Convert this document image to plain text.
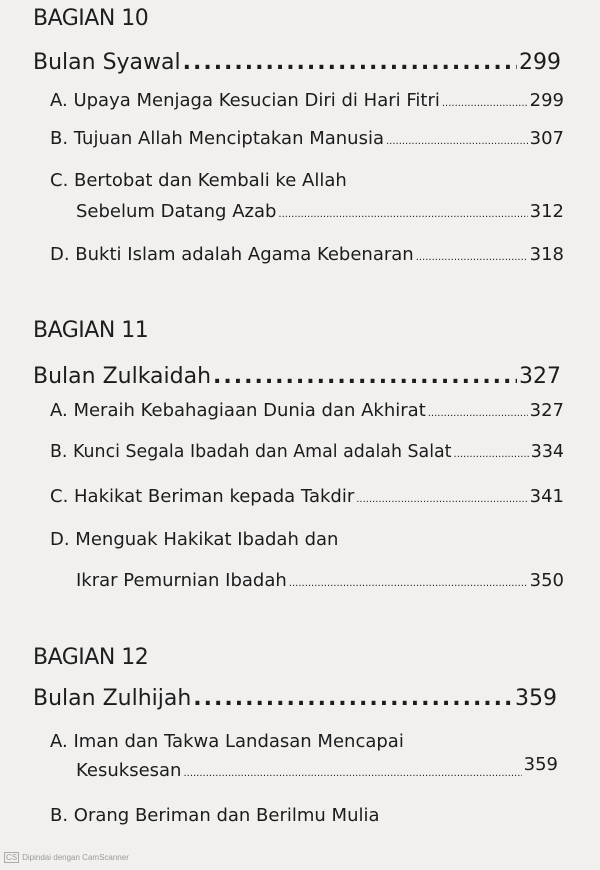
BAGIAN 10
Bulan Syawal .....	299
A. Upaya Menjaga Kesucian Diri di Hari Fitri .....	299
B. Tujuan Allah Menciptakan Manusia .....	307
C. Bertobat dan Kembali ke Allah
Sebelum Datang Azab .....	312
D. Bukti Islam adalah Agama Kebenaran .....	318
BAGIAN 11
Bulan Zulkaidah .....	327
A. Meraih Kebahagiaan Dunia dan Akhirat .....	327
B. Kunci Segala Ibadah dan Amal adalah Salat .....	334
C. Hakikat Beriman kepada Takdir .....	341
D. Menguak Hakikat Ibadah dan
Ikrar Pemurnian Ibadah .....	350
BAGIAN 12
Bulan Zulhijah .....	359
A. Iman dan Takwa Landasan Mencapai
Kesuksesan .....	359
B. Orang Beriman dan Berilmu Mulia
CS Dipindai dengan CamScanner
